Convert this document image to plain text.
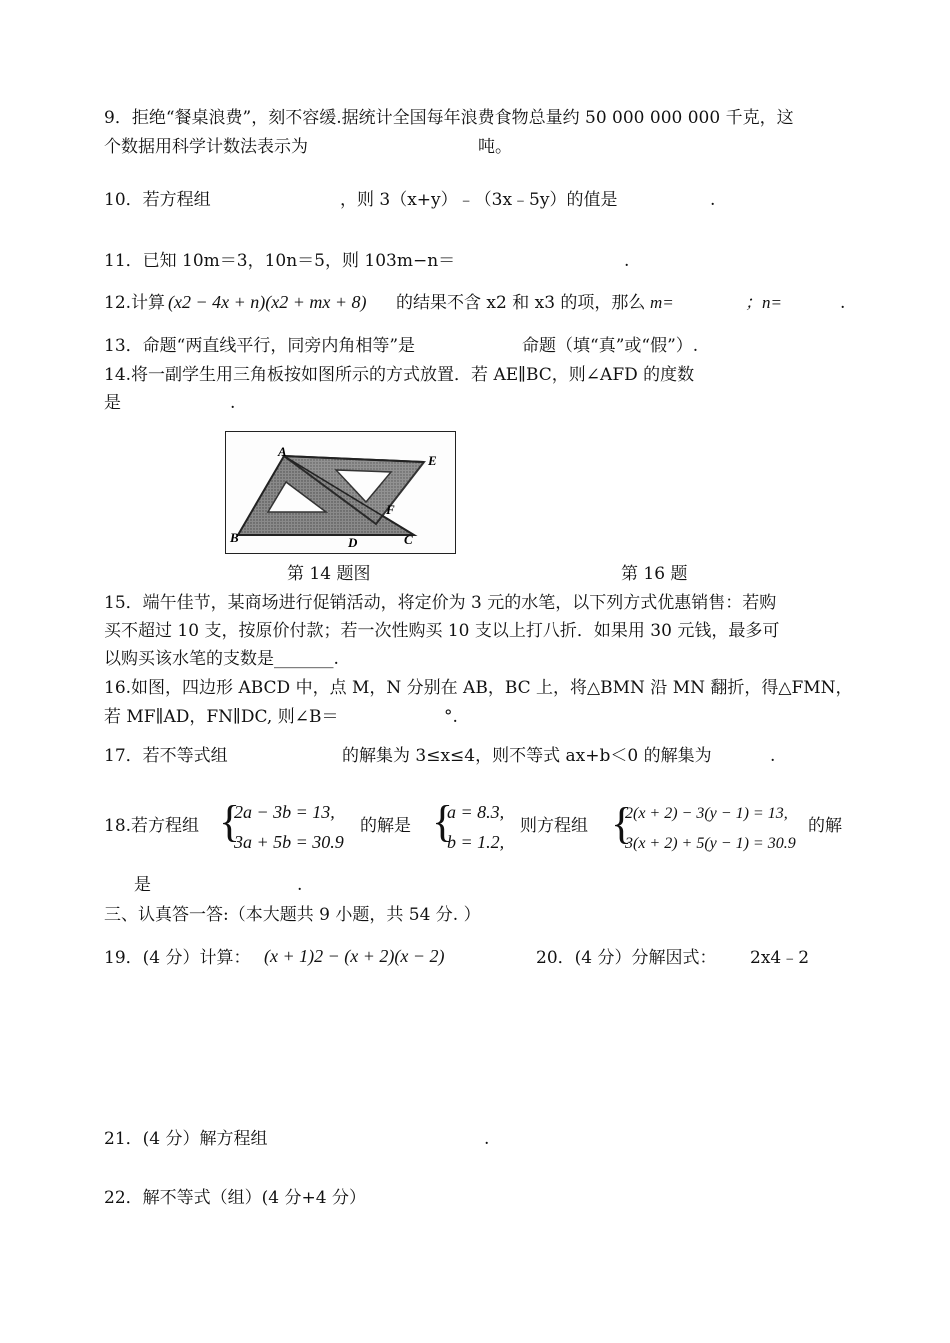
9．拒绝“餐桌浪费”，刻不容缓.据统计全国每年浪费食物总量约 50 000 000 000 千克，这
个数据用科学计数法表示为	吨。
10．若方程组	，则 3（x+y）﹣（3x﹣5y）的值是	.
11．已知 10m＝3，10n＝5，则 103m−n＝	.
12.计算 (x2 − 4x + n)(x2 + mx + 8) 的结果不含 x2 和 x3 的项，那么 m=	；n=	.
13．命题“两直线平行，同旁内角相等”是	命题（填“真”或“假”）.
14.将一副学生用三角板按如图所示的方式放置．若 AE∥BC，则∠AFD 的度数
是	.
A
E
B	D	C
F
第 14 题图	第 16 题
15．端午佳节，某商场进行促销活动，将定价为 3 元的水笔，以下列方式优惠销售：若购
买不超过 10 支，按原价付款；若一次性购买 10 支以上打八折．如果用 30 元钱，最多可
以购买该水笔的支数是_______.
16.如图，四边形 ABCD 中，点 M，N 分别在 AB，BC 上，将△BMN 沿 MN 翻折，得△FMN，
若 MF∥AD，FN∥DC, 则∠B＝	°.
17．若不等式组	的解集为 3≤x≤4，则不等式 ax+b＜0 的解集为	.
18.若方程组 {
2a − 3b = 13,
3a + 5b = 30.9
的解是 {
a = 8.3,
b = 1.2,
则方程组 {
2(x + 2) − 3(y − 1) = 13,
3(x + 2) + 5(y − 1) = 30.9
的解
是	.
三、认真答一答:（本大题共 9 小题，共 54 分. ）
19．(4 分）计算： (x + 1)2 − (x + 2)(x − 2)	20．(4 分）分解因式： 2x4﹣2
21．(4 分）解方程组	.
22．解不等式（组）(4 分+4 分）
